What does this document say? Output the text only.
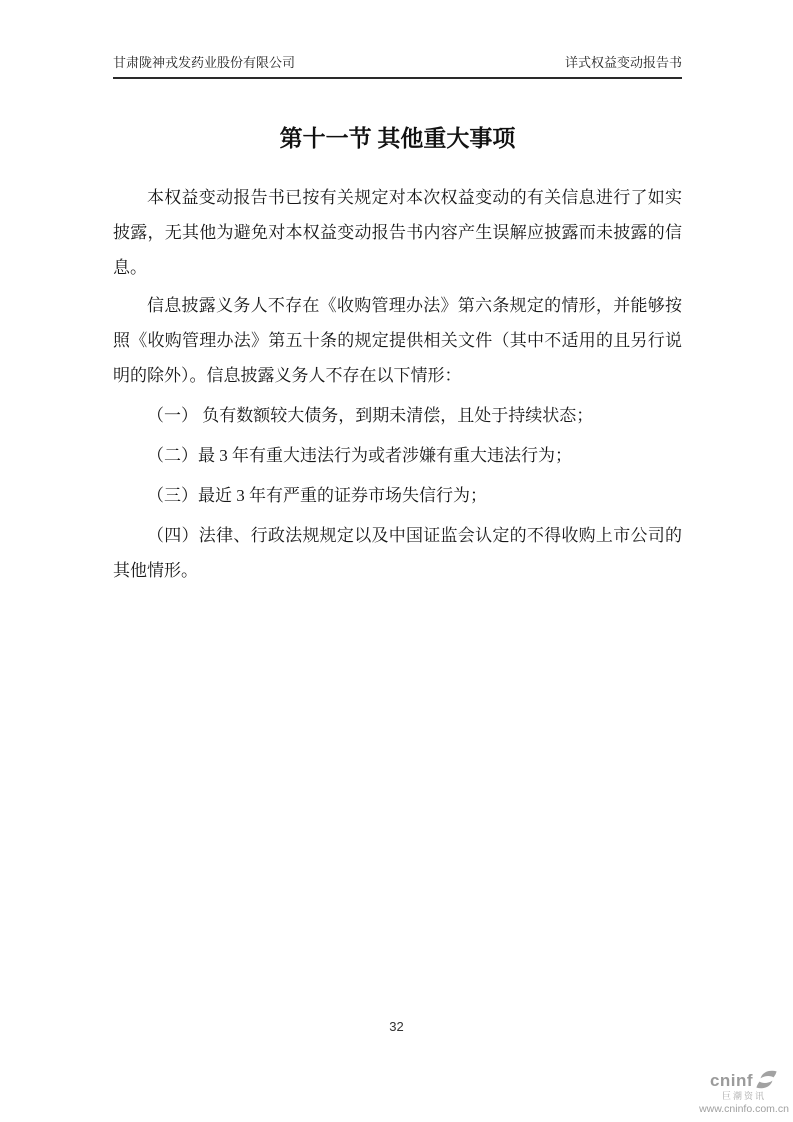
甘肃陇神戎发药业股份有限公司	详式权益变动报告书
第十一节 其他重大事项

本权益变动报告书已按有关规定对本次权益变动的有关信息进行了如实披露，无其他为避免对本权益变动报告书内容产生误解应披露而未披露的信息。

信息披露义务人不存在《收购管理办法》第六条规定的情形，并能够按照《收购管理办法》第五十条的规定提供相关文件（其中不适用的且另行说明的除外）。信息披露义务人不存在以下情形：

（一） 负有数额较大债务，到期未清偿，且处于持续状态；

（二）最 3 年有重大违法行为或者涉嫌有重大违法行为；

（三）最近 3 年有严重的证券市场失信行为；

（四）法律、行政法规规定以及中国证监会认定的不得收购上市公司的其他情形。

32
cninf
巨潮资讯
www.cninfo.com.cn
